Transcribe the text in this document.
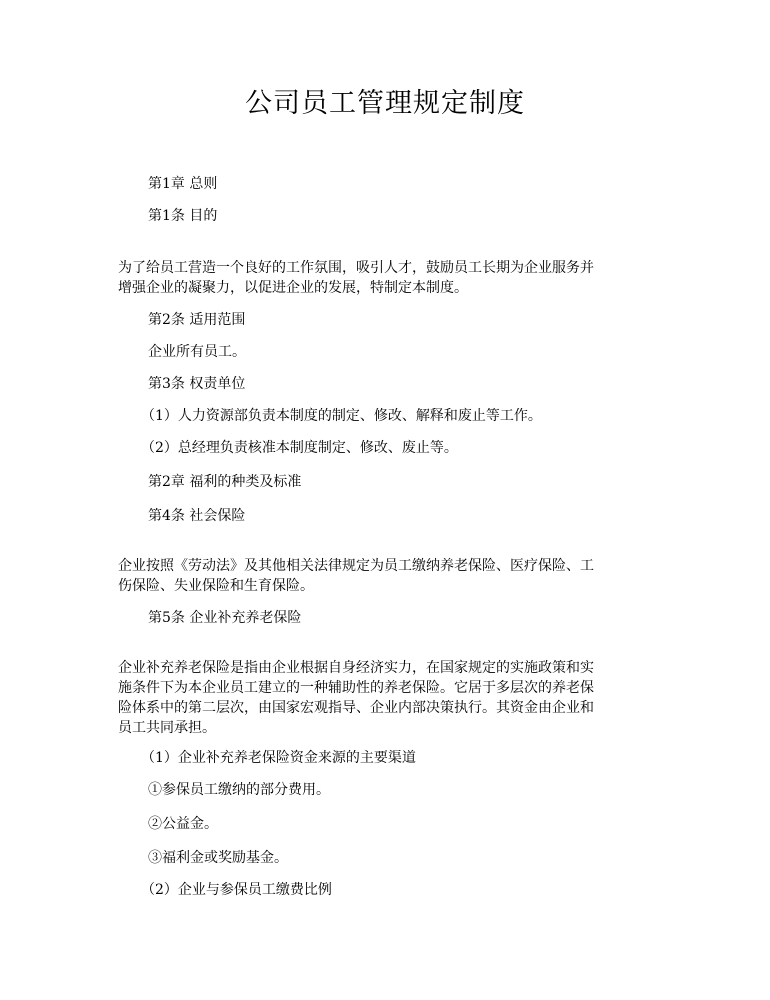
公司员工管理规定制度
第1章 总则
第1条 目的
为了给员工营造一个良好的工作氛围，吸引人才，鼓励员工长期为企业服务并
增强企业的凝聚力，以促进企业的发展，特制定本制度。
第2条 适用范围
企业所有员工。
第3条 权责单位
（1）人力资源部负责本制度的制定、修改、解释和废止等工作。
（2）总经理负责核准本制度制定、修改、废止等。
第2章 福利的种类及标准
第4条 社会保险
企业按照《劳动法》及其他相关法律规定为员工缴纳养老保险、医疗保险、工
伤保险、失业保险和生育保险。
第5条 企业补充养老保险
企业补充养老保险是指由企业根据自身经济实力，在国家规定的实施政策和实
施条件下为本企业员工建立的一种辅助性的养老保险。它居于多层次的养老保
险体系中的第二层次，由国家宏观指导、企业内部决策执行。其资金由企业和
员工共同承担。
（1）企业补充养老保险资金来源的主要渠道
①参保员工缴纳的部分费用。
②公益金。
③福利金或奖励基金。
（2）企业与参保员工缴费比例
